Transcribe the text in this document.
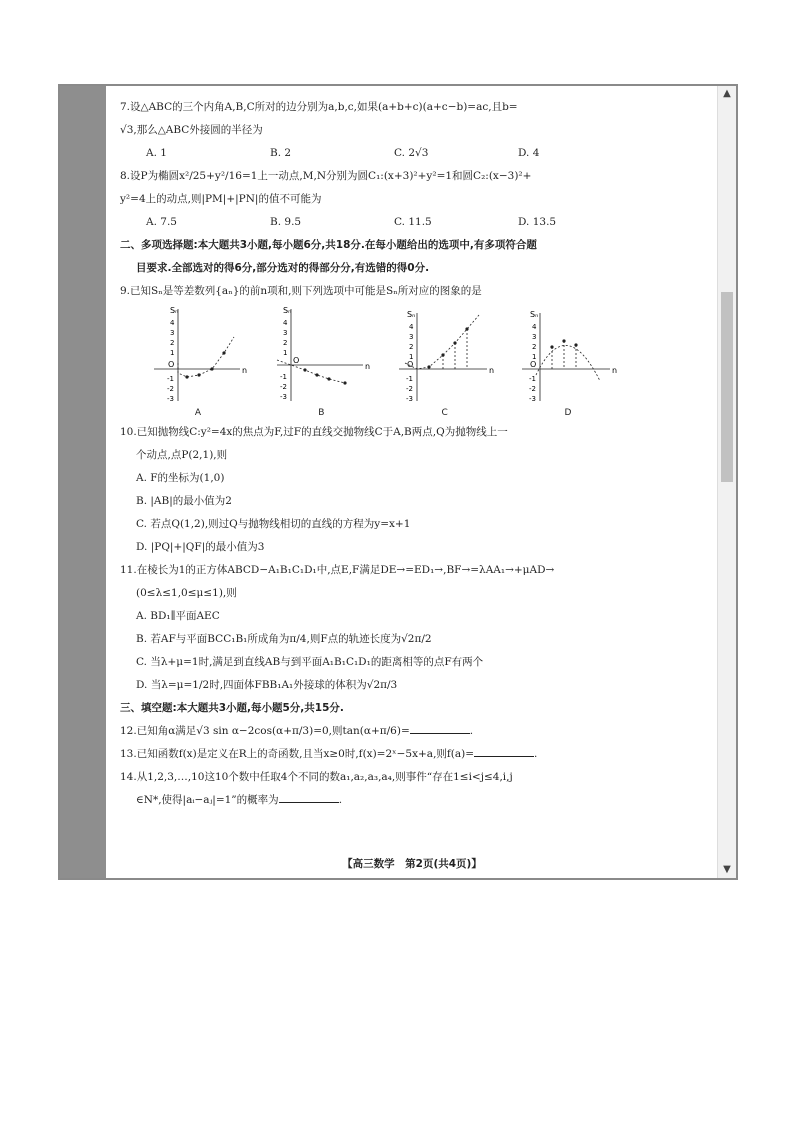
7.设△ABC的三个内角A,B,C所对的边分别为a,b,c,如果(a+b+c)(a+c−b)=ac,且b=

√3,那么△ABC外接圆的半径为

A. 1	B. 2	C. 2√3	D. 4

8.设P为椭圆x²/25+y²/16=1上一动点,M,N分别为圆C₁:(x+3)²+y²=1和圆C₂:(x−3)²+

y²=4上的动点,则|PM|+|PN|的值不可能为

A. 7.5	B. 9.5	C. 11.5	D. 13.5

二、多项选择题:本大题共3小题,每小题6分,共18分.在每小题给出的选项中,有多项符合题

目要求.全部选对的得6分,部分选对的得部分分,有选错的得0分.

9.已知Sₙ是等差数列{aₙ}的前n项和,则下列选项中可能是Sₙ所对应的图象的是

Sₙ
n
O
4
3
2
1
-1
-2
-3
A
Sₙ
n
O
4
3
2
1
-1
-2
-3
B
Sₙ
n
O
4
3
2
1
-1
-2
-3
C
Sₙ
n
O
4
3
2
1
-1
-2
-3
D

10.已知抛物线C:y²=4x的焦点为F,过F的直线交抛物线C于A,B两点,Q为抛物线上一

个动点,点P(2,1),则

A. F的坐标为(1,0)

B. |AB|的最小值为2

C. 若点Q(1,2),则过Q与抛物线相切的直线的方程为y=x+1

D. |PQ|+|QF|的最小值为3

11.在棱长为1的正方体ABCD−A₁B₁C₁D₁中,点E,F满足DE→=ED₁→,BF→=λAA₁→+μAD→

(0≤λ≤1,0≤μ≤1),则

A. BD₁∥平面AEC

B. 若AF与平面BCC₁B₁所成角为π/4,则F点的轨迹长度为√2π/2

C. 当λ+μ=1时,满足到直线AB与到平面A₁B₁C₁D₁的距离相等的点F有两个

D. 当λ=μ=1/2时,四面体FBB₁A₁外接球的体积为√2π/3

三、填空题:本大题共3小题,每小题5分,共15分.

12.已知角α满足√3 sin α−2cos(α+π/3)=0,则tan(α+π/6)=	.

13.已知函数f(x)是定义在R上的奇函数,且当x≥0时,f(x)=2ˣ−5x+a,则f(a)=	.

14.从1,2,3,…,10这10个数中任取4个不同的数a₁,a₂,a₃,a₄,则事件“存在1≤i<j≤4,i,j

∈N*,使得|aᵢ−aⱼ|=1”的概率为	.

【高三数学　第2页(共4页)】
▲
▼
